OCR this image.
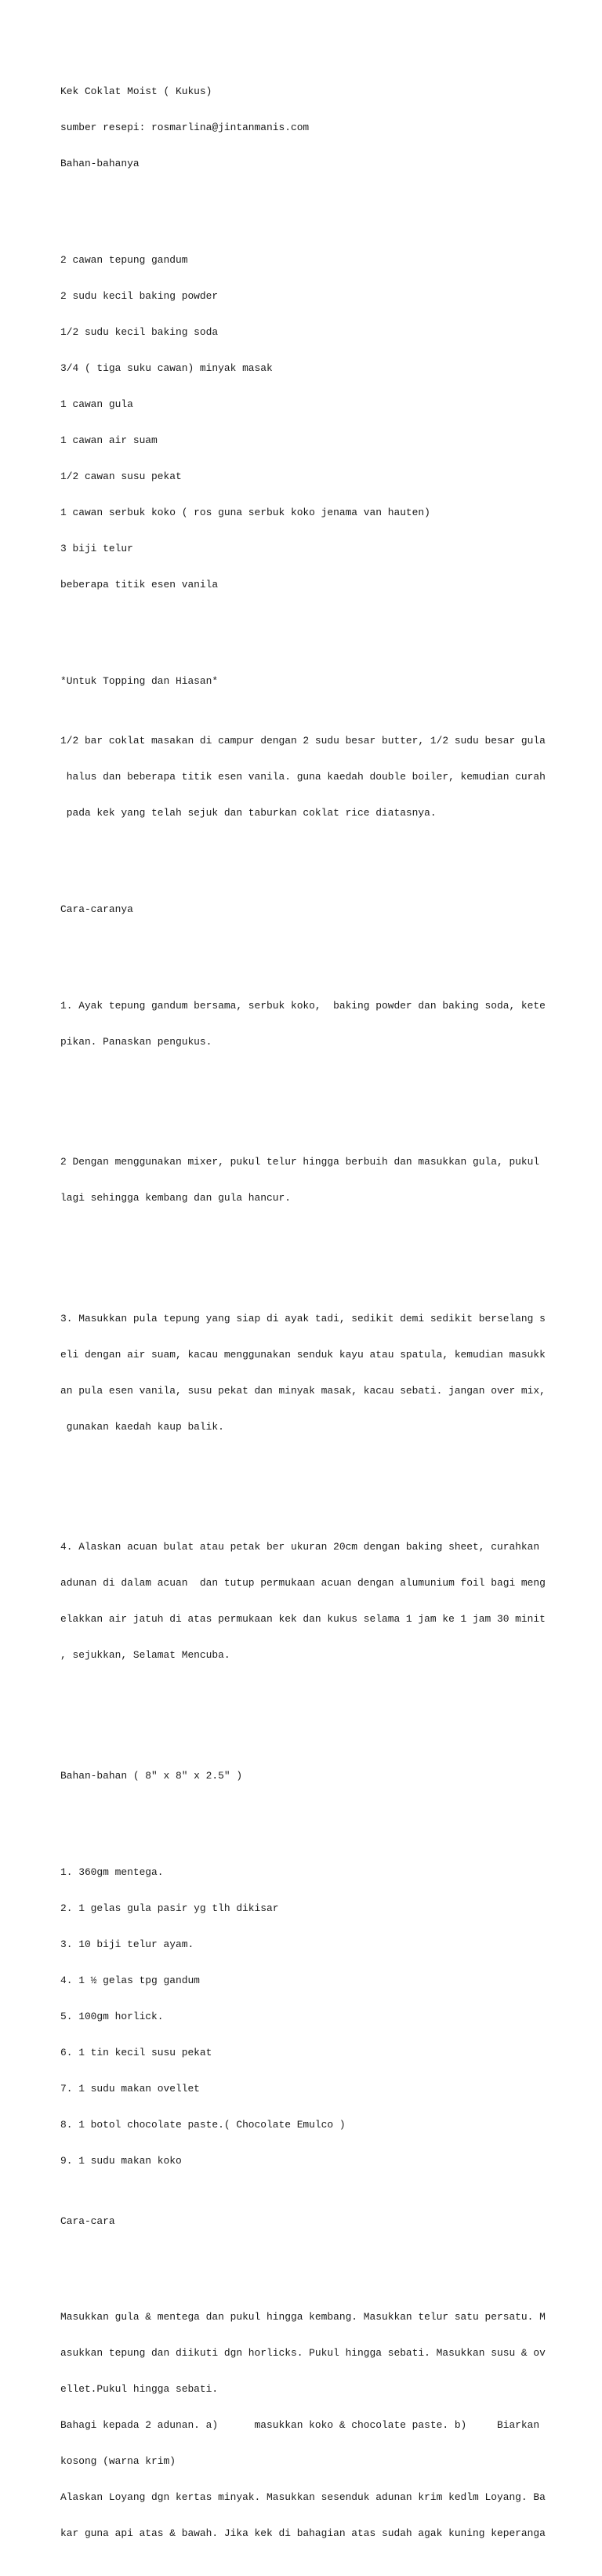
Kek Coklat Moist ( Kukus)

sumber resepi: rosmarlina@jintanmanis.com

Bahan-bahanya

2 cawan tepung gandum

2 sudu kecil baking powder

1/2 sudu kecil baking soda

3/4 ( tiga suku cawan) minyak masak

1 cawan gula

1 cawan air suam

1/2 cawan susu pekat

1 cawan serbuk koko ( ros guna serbuk koko jenama van hauten)

3 biji telur

beberapa titik esen vanila

*Untuk Topping dan Hiasan*

1/2 bar coklat masakan di campur dengan 2 sudu besar butter, 1/2 sudu besar gula

halus dan beberapa titik esen vanila. guna kaedah double boiler, kemudian curah

pada kek yang telah sejuk dan taburkan coklat rice diatasnya.

Cara-caranya

1. Ayak tepung gandum bersama, serbuk koko,  baking powder dan baking soda, kete

pikan. Panaskan pengukus.

2 Dengan menggunakan mixer, pukul telur hingga berbuih dan masukkan gula, pukul

lagi sehingga kembang dan gula hancur.

3. Masukkan pula tepung yang siap di ayak tadi, sedikit demi sedikit berselang s

eli dengan air suam, kacau menggunakan senduk kayu atau spatula, kemudian masukk

an pula esen vanila, susu pekat dan minyak masak, kacau sebati. jangan over mix,

gunakan kaedah kaup balik.

4. Alaskan acuan bulat atau petak ber ukuran 20cm dengan baking sheet, curahkan

adunan di dalam acuan  dan tutup permukaan acuan dengan alumunium foil bagi meng

elakkan air jatuh di atas permukaan kek dan kukus selama 1 jam ke 1 jam 30 minit

, sejukkan, Selamat Mencuba.

Bahan-bahan ( 8" x 8" x 2.5" )

1. 360gm mentega.

2. 1 gelas gula pasir yg tlh dikisar

3. 10 biji telur ayam.

4. 1 ½ gelas tpg gandum

5. 100gm horlick.

6. 1 tin kecil susu pekat

7. 1 sudu makan ovellet

8. 1 botol chocolate paste.( Chocolate Emulco )

9. 1 sudu makan koko

Cara-cara

Masukkan gula & mentega dan pukul hingga kembang. Masukkan telur satu persatu. M

asukkan tepung dan diikuti dgn horlicks. Pukul hingga sebati. Masukkan susu & ov

ellet.Pukul hingga sebati.

Bahagi kepada 2 adunan. a)      masukkan koko & chocolate paste. b)     Biarkan

kosong (warna krim)

Alaskan Loyang dgn kertas minyak. Masukkan sesenduk adunan krim kedlm Loyang. Ba

kar guna api atas & bawah. Jika kek di bahagian atas sudah agak kuning keperanga
